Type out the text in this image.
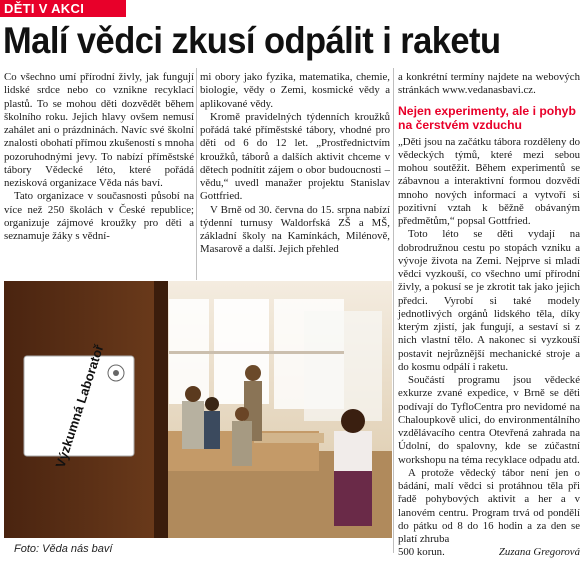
DĚTI V AKCI
Malí vědci zkusí odpálit i raketu

Co všechno umí přírodní živly, jak fungují lidské srdce nebo co vznikne recyklací plastů. To se mohou děti dozvědět během školního roku. Jejich hlavy ovšem nemusí zahálet ani o prázdninách. Navíc své školní znalosti obohatí přímou zkušeností s mnoha pozoruhodnými jevy. To nabízí příměstské tábory Vědecké léto, které pořádá nezisková organizace Věda nás baví.

Tato organizace v současnosti působí na více než 250 školách v České republice; organizuje zájmové kroužky pro děti a seznamuje žáky s vědní-

mi obory jako fyzika, matematika, chemie, biologie, vědy o Zemi, kosmické vědy a aplikované vědy.

Kromě pravidelných týdenních kroužků pořádá také příměstské tábory, vhodné pro děti od 6 do 12 let. „Prostřednictvím kroužků, táborů a dalších aktivit chceme v dětech podnítit zájem o obor budoucnosti – vědu,“ uvedl manažer projektu Stanislav Gottfried.

V Brně od 30. června do 15. srpna nabízí týdenní turnusy Waldorfská ZŠ a MŠ, základní školy na Kamínkách, Milénově, Masarově a další. Jejich přehled

a konkrétní termíny najdete na webových stránkách www.vedanasbavi.cz.

Nejen experimenty, ale i pohyb na čerstvém vzduchu

„Děti jsou na začátku tábora rozděleny do vědeckých týmů, které mezi sebou mohou soutěžit. Během experimentů se zábavnou a interaktivní formou dozvědí mnoho nových informací a vytvoří si pozitivní vztah k běžně obávaným předmětům,“ popsal Gottfried.

Toto léto se děti vydají na dobrodružnou cestu po stopách vzniku a vývoje života na Zemi. Nejprve si mladí vědci vyzkouší, co všechno umí přírodní živly, a pokusí se je zkrotit tak jako jejich předci. Vyrobí si také modely jednotlivých orgánů lidského těla, díky kterým zjistí, jak fungují, a sestaví si z nich vlastní tělo. A nakonec si vyzkouší postavit nejrůznější mechanické stroje a do kosmu odpálí i raketu.

Součástí programu jsou vědecké exkurze zvané expedice, v Brně se děti podívají do TyfloCentra pro nevidomé na Chaloupkově ulici, do environmentálního vzdělávacího centra Otevřená zahrada na Údolní, do spalovny, kde se zúčastní workshopu na téma recyklace odpadu atd.

A protože vědecký tábor není jen o bádání, malí vědci si protáhnou těla při řadě pohybových aktivit a her a v lanovém centru. Program trvá od pondělí do pátku od 8 do 16 hodin a za den se platí zhruba

500 korun.	Zuzana Gregorová

Výzkumná Laboratoř
Foto: Věda nás baví
